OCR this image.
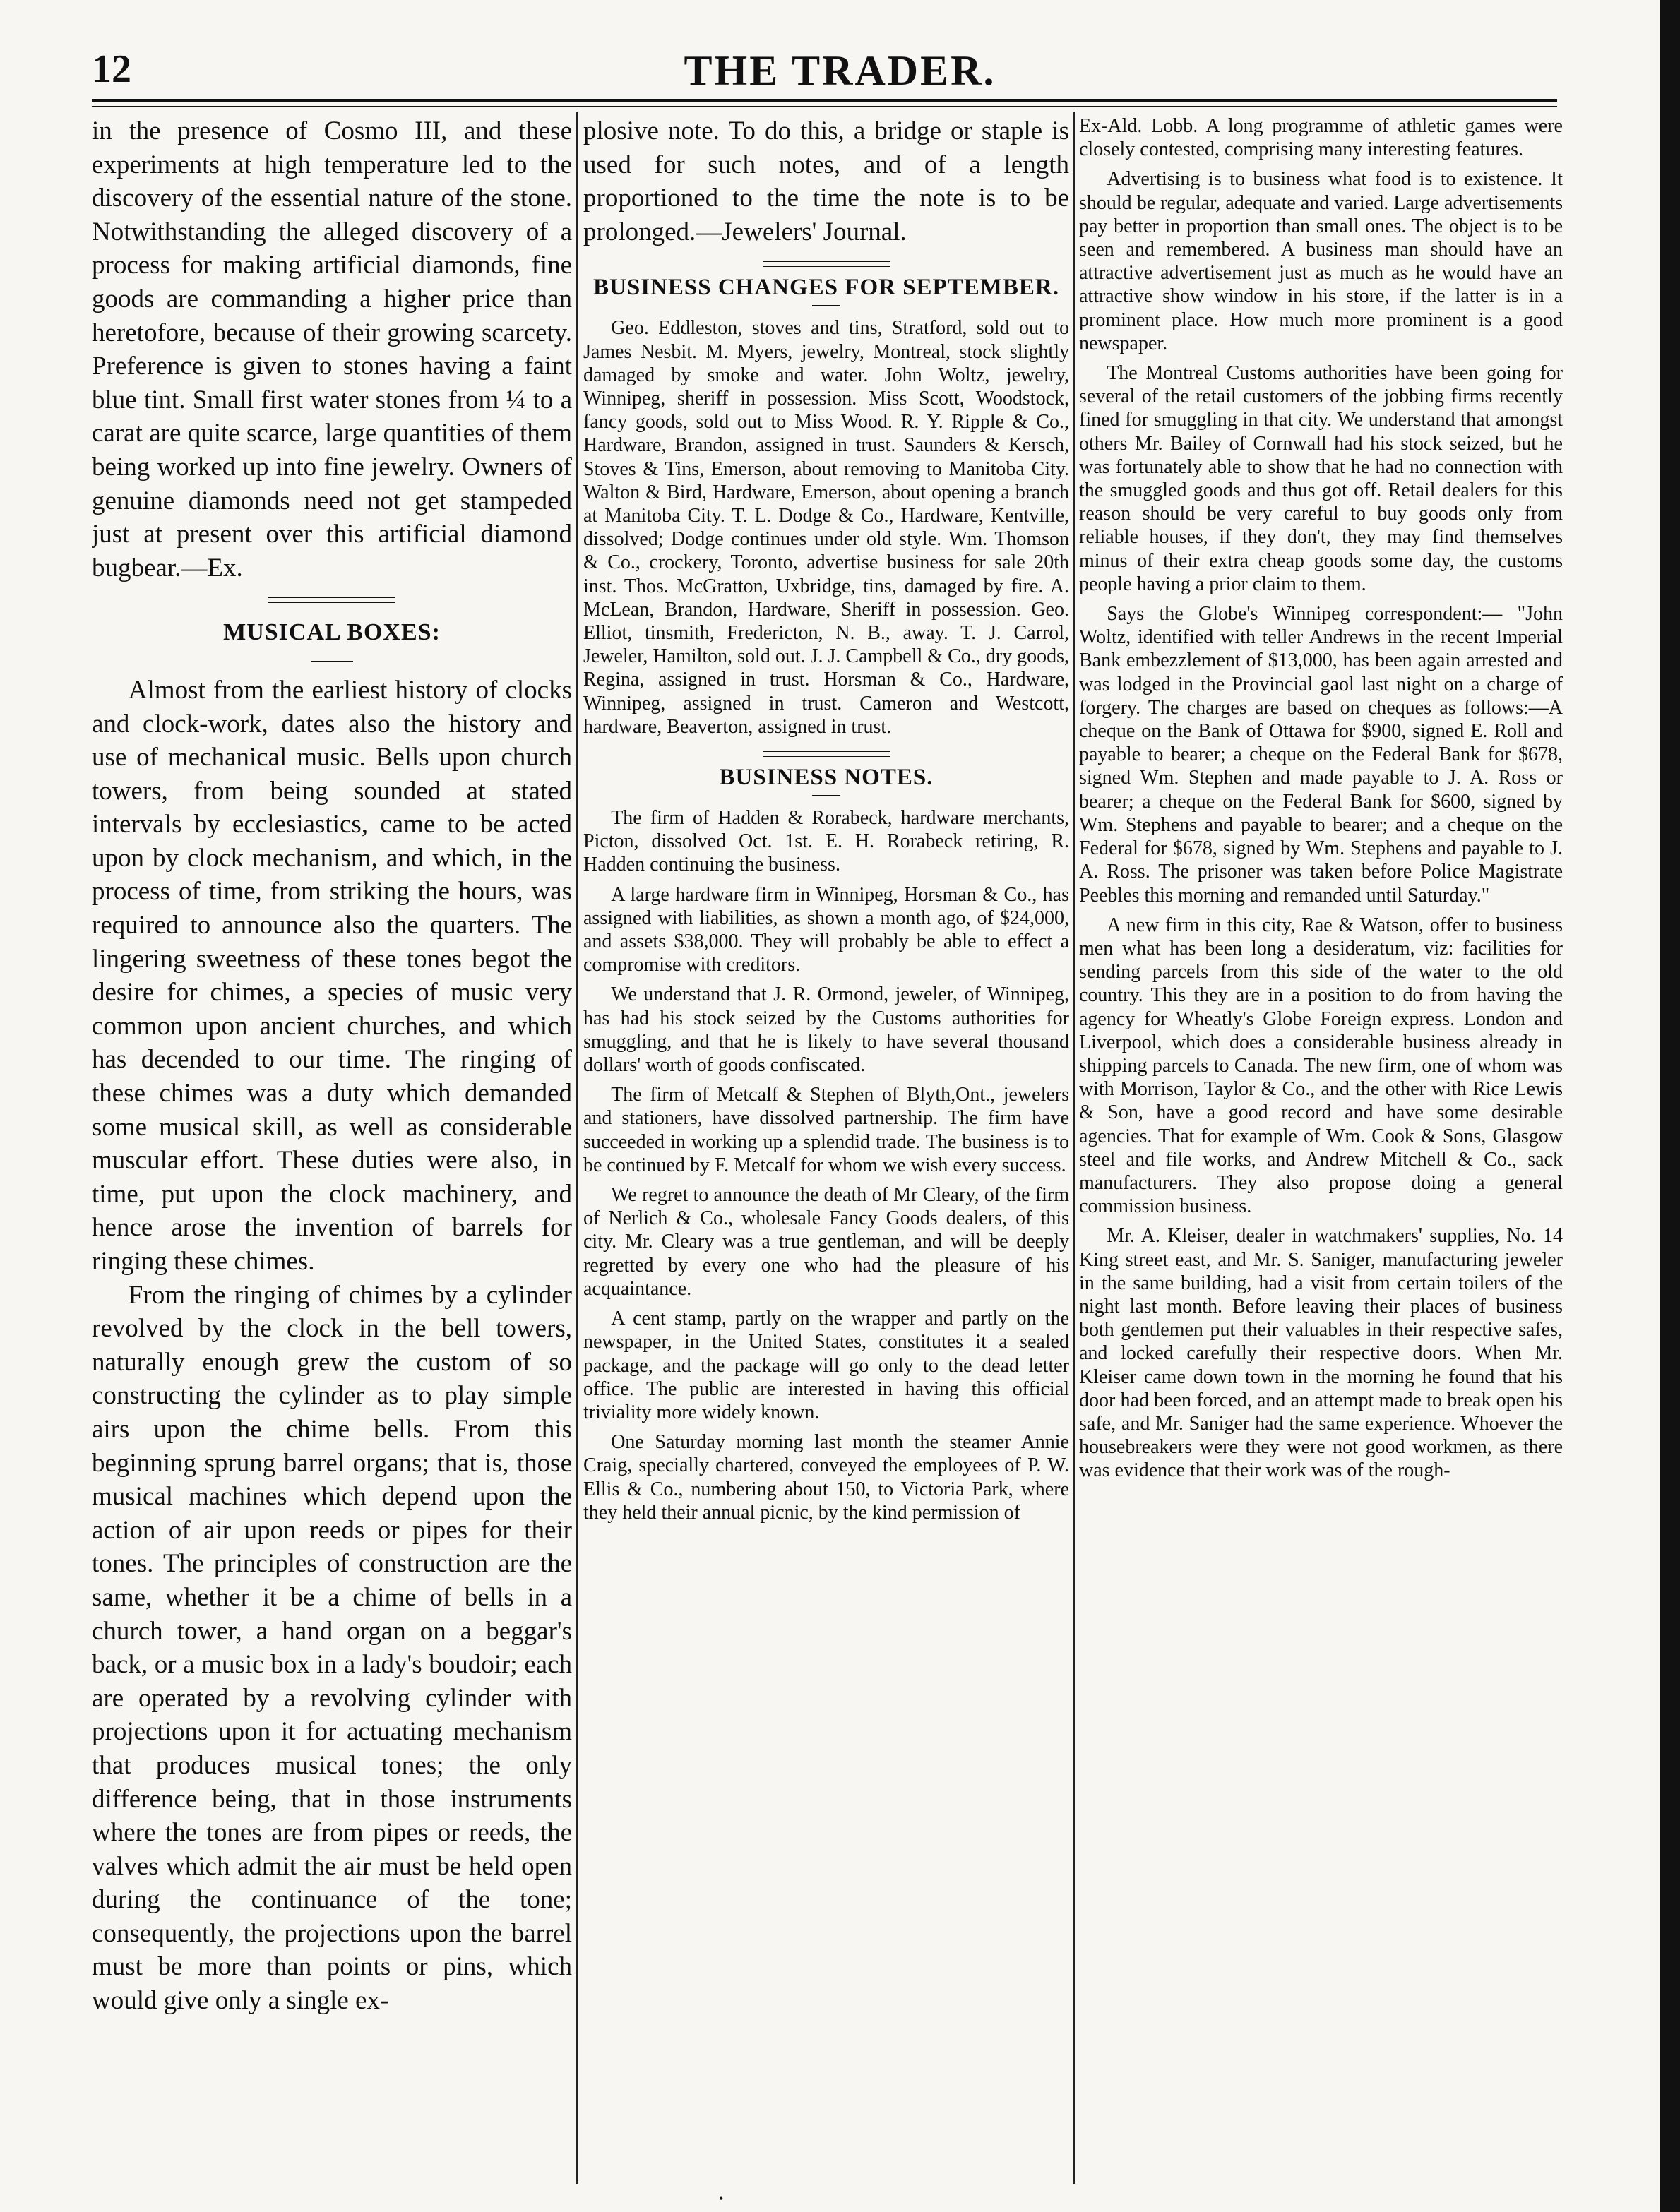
12	THE TRADER.

in the presence of Cosmo III, and these experiments at high temperature led to the discovery of the essential nature of the stone. Notwithstanding the alleged discovery of a process for making artificial diamonds, fine goods are commanding a higher price than heretofore, because of their growing scarcety. Preference is given to stones having a faint blue tint. Small first water stones from ¼ to a carat are quite scarce, large quantities of them being worked up into fine jewelry. Owners of genuine diamonds need not get stampeded just at present over this artificial diamond bugbear.—Ex.

MUSICAL BOXES:

Almost from the earliest history of clocks and clock-work, dates also the history and use of mechanical music. Bells upon church towers, from being sounded at stated intervals by ecclesiastics, came to be acted upon by clock mechanism, and which, in the process of time, from striking the hours, was required to announce also the quarters. The lingering sweetness of these tones begot the desire for chimes, a species of music very common upon ancient churches, and which has decended to our time. The ringing of these chimes was a duty which demanded some musical skill, as well as considerable muscular effort. These duties were also, in time, put upon the clock machinery, and hence arose the invention of barrels for ringing these chimes.

From the ringing of chimes by a cylinder revolved by the clock in the bell towers, naturally enough grew the custom of so constructing the cylinder as to play simple airs upon the chime bells. From this beginning sprung barrel organs; that is, those musical machines which depend upon the action of air upon reeds or pipes for their tones. The principles of construction are the same, whether it be a chime of bells in a church tower, a hand organ on a beggar's back, or a music box in a lady's boudoir; each are operated by a revolving cylinder with projections upon it for actuating mechanism that produces musical tones; the only difference being, that in those instruments where the tones are from pipes or reeds, the valves which admit the air must be held open during the continuance of the tone; consequently, the projections upon the barrel must be more than points or pins, which would give only a single ex-

plosive note. To do this, a bridge or staple is used for such notes, and of a length proportioned to the time the note is to be prolonged.—Jewelers' Journal.

BUSINESS CHANGES FOR SEPTEMBER.

Geo. Eddleston, stoves and tins, Stratford, sold out to James Nesbit. M. Myers, jewelry, Montreal, stock slightly damaged by smoke and water. John Woltz, jewelry, Winnipeg, sheriff in possession. Miss Scott, Woodstock, fancy goods, sold out to Miss Wood. R. Y. Ripple & Co., Hardware, Brandon, assigned in trust. Saunders & Kersch, Stoves & Tins, Emerson, about removing to Manitoba City. Walton & Bird, Hardware, Emerson, about opening a branch at Manitoba City. T. L. Dodge & Co., Hardware, Kentville, dissolved; Dodge continues under old style. Wm. Thomson & Co., crockery, Toronto, advertise business for sale 20th inst. Thos. McGratton, Uxbridge, tins, damaged by fire. A. McLean, Brandon, Hardware, Sheriff in possession. Geo. Elliot, tinsmith, Fredericton, N. B., away. T. J. Carrol, Jeweler, Hamilton, sold out. J. J. Campbell & Co., dry goods, Regina, assigned in trust. Horsman & Co., Hardware, Winnipeg, assigned in trust. Cameron and Westcott, hardware, Beaverton, assigned in trust.

BUSINESS NOTES.

The firm of Hadden & Rorabeck, hardware merchants, Picton, dissolved Oct. 1st. E. H. Rorabeck retiring, R. Hadden continuing the business.

A large hardware firm in Winnipeg, Horsman & Co., has assigned with liabilities, as shown a month ago, of $24,000, and assets $38,000. They will probably be able to effect a compromise with creditors.

We understand that J. R. Ormond, jeweler, of Winnipeg, has had his stock seized by the Customs authorities for smuggling, and that he is likely to have several thousand dollars' worth of goods confiscated.

The firm of Metcalf & Stephen of Blyth,Ont., jewelers and stationers, have dissolved partnership. The firm have succeeded in working up a splendid trade. The business is to be continued by F. Metcalf for whom we wish every success.

We regret to announce the death of Mr Cleary, of the firm of Nerlich & Co., wholesale Fancy Goods dealers, of this city. Mr. Cleary was a true gentleman, and will be deeply regretted by every one who had the pleasure of his acquaintance.

A cent stamp, partly on the wrapper and partly on the newspaper, in the United States, constitutes it a sealed package, and the package will go only to the dead letter office. The public are interested in having this official triviality more widely known.

One Saturday morning last month the steamer Annie Craig, specially chartered, conveyed the employees of P. W. Ellis & Co., numbering about 150, to Victoria Park, where they held their annual picnic, by the kind permission of

Ex-Ald. Lobb. A long programme of athletic games were closely contested, comprising many interesting features.

Advertising is to business what food is to existence. It should be regular, adequate and varied. Large advertisements pay better in proportion than small ones. The object is to be seen and remembered. A business man should have an attractive advertisement just as much as he would have an attractive show window in his store, if the latter is in a prominent place. How much more prominent is a good newspaper.

The Montreal Customs authorities have been going for several of the retail customers of the jobbing firms recently fined for smuggling in that city. We understand that amongst others Mr. Bailey of Cornwall had his stock seized, but he was fortunately able to show that he had no connection with the smuggled goods and thus got off. Retail dealers for this reason should be very careful to buy goods only from reliable houses, if they don't, they may find themselves minus of their extra cheap goods some day, the customs people having a prior claim to them.

Says the Globe's Winnipeg correspondent:— "John Woltz, identified with teller Andrews in the recent Imperial Bank embezzlement of $13,000, has been again arrested and was lodged in the Provincial gaol last night on a charge of forgery. The charges are based on cheques as follows:—A cheque on the Bank of Ottawa for $900, signed E. Roll and payable to bearer; a cheque on the Federal Bank for $678, signed Wm. Stephen and made payable to J. A. Ross or bearer; a cheque on the Federal Bank for $600, signed by Wm. Stephens and payable to bearer; and a cheque on the Federal for $678, signed by Wm. Stephens and payable to J. A. Ross. The prisoner was taken before Police Magistrate Peebles this morning and remanded until Saturday."

A new firm in this city, Rae & Watson, offer to business men what has been long a desideratum, viz: facilities for sending parcels from this side of the water to the old country. This they are in a position to do from having the agency for Wheatly's Globe Foreign express. London and Liverpool, which does a considerable business already in shipping parcels to Canada. The new firm, one of whom was with Morrison, Taylor & Co., and the other with Rice Lewis & Son, have a good record and have some desirable agencies. That for example of Wm. Cook & Sons, Glasgow steel and file works, and Andrew Mitchell & Co., sack manufacturers. They also propose doing a general commission business.

Mr. A. Kleiser, dealer in watchmakers' supplies, No. 14 King street east, and Mr. S. Saniger, manufacturing jeweler in the same building, had a visit from certain toilers of the night last month. Before leaving their places of business both gentlemen put their valuables in their respective safes, and locked carefully their respective doors. When Mr. Kleiser came down town in the morning he found that his door had been forced, and an attempt made to break open his safe, and Mr. Saniger had the same experience. Whoever the housebreakers were they were not good workmen, as there was evidence that their work was of the rough-

•
